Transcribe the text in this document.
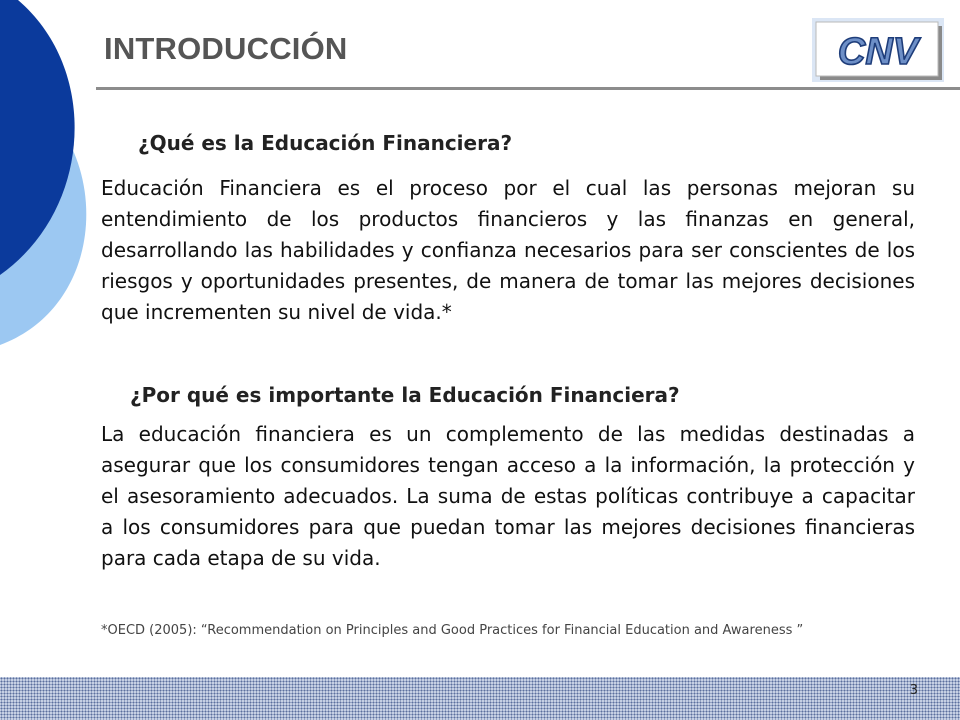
INTRODUCCIÓN	CNV
¿Qué es la Educación Financiera?

Educación Financiera es el proceso por el cual las personas mejoran su entendimiento de los productos financieros y las finanzas en general, desarrollando las habilidades y confianza necesarios para ser conscientes de los riesgos y oportunidades presentes, de manera de tomar las mejores decisiones que incrementen su nivel de vida.*

¿Por qué es importante la Educación Financiera?

La educación financiera es un complemento de las medidas destinadas a asegurar que los consumidores tengan acceso a la información, la protección y el asesoramiento adecuados. La suma de estas políticas contribuye a capacitar a los consumidores para que puedan tomar las mejores decisiones financieras para cada etapa de su vida.

*OECD (2005): “Recommendation on Principles and Good Practices for Financial Education and Awareness ”

3
